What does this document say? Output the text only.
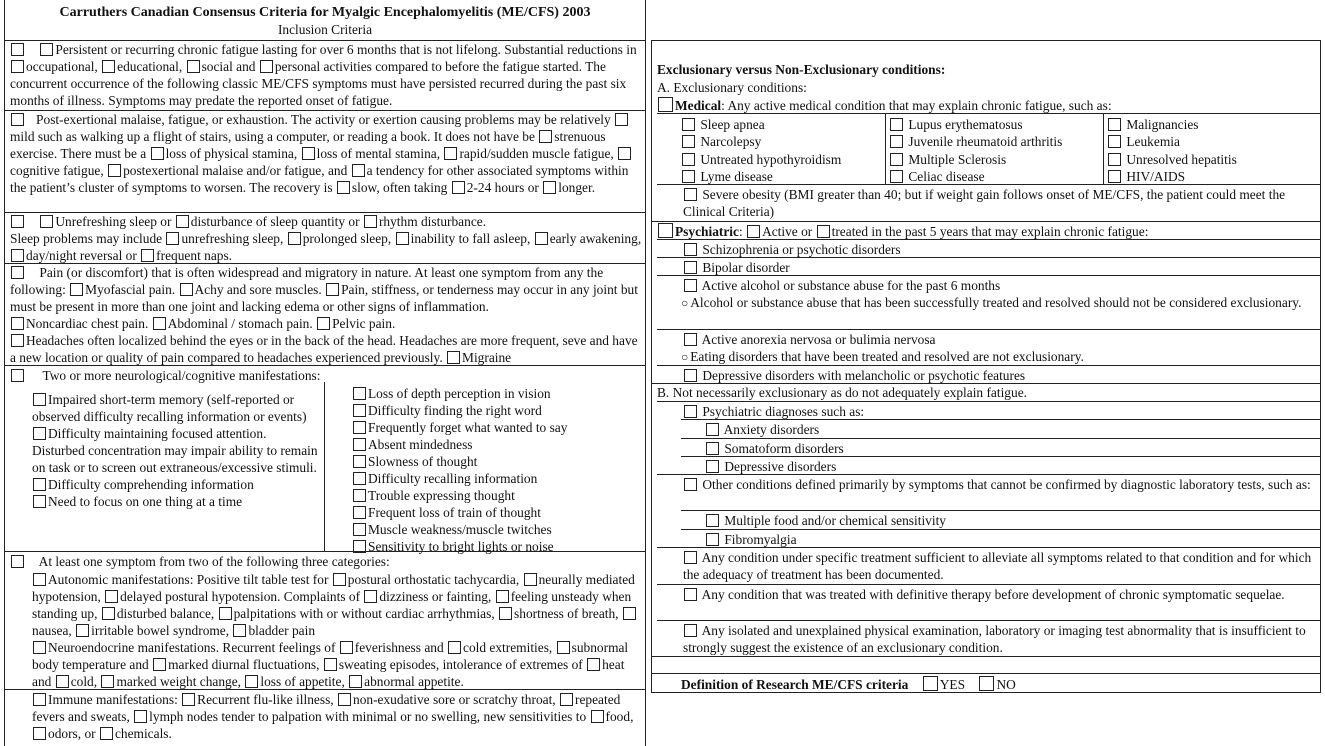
Carruthers Canadian Consensus Criteria for Myalgic Encephalomyelitis (ME/CFS) 2003
Inclusion Criteria
Persistent or recurring chronic fatigue lasting for over 6 months that is not lifelong. Substantial reductions in occupational, educational, social and personal activities compared to before the fatigue started. The concurrent occurrence of the following classic ME/CFS symptoms must have persisted recurred during the past six months of illness. Symptoms may predate the reported onset of fatigue.
Post-exertional malaise, fatigue, or exhaustion. The activity or exertion causing problems may be relatively mild such as walking up a flight of stairs, using a computer, or reading a book. It does not have be strenuous exercise. There must be a loss of physical stamina, loss of mental stamina, rapid/sudden muscle fatigue, cognitive fatigue, postexertional malaise and/or fatigue, and a tendency for other associated symptoms within the patient’s cluster of symptoms to worsen. The recovery is slow, often taking 2-24 hours or longer.
Unrefreshing sleep or disturbance of sleep quantity or rhythm disturbance.
Sleep problems may include unrefreshing sleep, prolonged sleep, inability to fall asleep, early awakening, day/night reversal or frequent naps.
Pain (or discomfort) that is often widespread and migratory in nature. At least one symptom from any the following: Myofascial pain. Achy and sore muscles. Pain, stiffness, or tenderness may occur in any joint but must be present in more than one joint and lacking edema or other signs of inflammation.
Noncardiac chest pain. Abdominal / stomach pain. Pelvic pain.
Headaches often localized behind the eyes or in the back of the head. Headaches are more frequent, seve and have a new location or quality of pain compared to headaches experienced previously. Migraine
Two or more neurological/cognitive manifestations:
Impaired short-term memory (self-reported or observed difficulty recalling information or events)
Difficulty maintaining focused attention. Disturbed concentration may impair ability to remain on task or to screen out extraneous/excessive stimuli.
Difficulty comprehending information
Need to focus on one thing at a time
Loss of depth perception in vision
Difficulty finding the right word
Frequently forget what wanted to say
Absent mindedness
Slowness of thought
Difficulty recalling information
Trouble expressing thought
Frequent loss of train of thought
Muscle weakness/muscle twitches
Sensitivity to bright lights or noise
At least one symptom from two of the following three categories:
Autonomic manifestations: Positive tilt table test for postural orthostatic tachycardia, neurally mediated hypotension, delayed postural hypotension. Complaints of dizziness or fainting, feeling unsteady when standing up, disturbed balance, palpitations with or without cardiac arrhythmias, shortness of breath, nausea, irritable bowel syndrome, bladder pain
Neuroendocrine manifestations. Recurrent feelings of feverishness and cold extremities, subnormal body temperature and marked diurnal fluctuations, sweating episodes, intolerance of extremes of heat and cold, marked weight change, loss of appetite, abnormal appetite.
Immune manifestations: Recurrent flu-like illness, non-exudative sore or scratchy throat, repeated fevers and sweats, lymph nodes tender to palpation with minimal or no swelling, new sensitivities to food, odors, or chemicals.
Exclusionary versus Non-Exclusionary conditions:
A. Exclusionary conditions:
Medical: Any active medical condition that may explain chronic fatigue, such as:
Sleep apnea	Lupus erythematosus	Malignancies
Narcolepsy	Juvenile rheumatoid arthritis	Leukemia
Untreated hypothyroidism	Multiple Sclerosis	Unresolved hepatitis
Lyme disease	Celiac disease	HIV/AIDS
Severe obesity (BMI greater than 40; but if weight gain follows onset of ME/CFS, the patient could meet the Clinical Criteria)
Psychiatric: Active or treated in the past 5 years that may explain chronic fatigue:
Schizophrenia or psychotic disorders
Bipolar disorder
Active alcohol or substance abuse for the past 6 months
○ Alcohol or substance abuse that has been successfully treated and resolved should not be considered exclusionary.
Active anorexia nervosa or bulimia nervosa
○ Eating disorders that have been treated and resolved are not exclusionary.
Depressive disorders with melancholic or psychotic features
B. Not necessarily exclusionary as do not adequately explain fatigue.
Psychiatric diagnoses such as:
Anxiety disorders
Somatoform disorders
Depressive disorders
Other conditions defined primarily by symptoms that cannot be confirmed by diagnostic laboratory tests, such as:
Multiple food and/or chemical sensitivity
Fibromyalgia
Any condition under specific treatment sufficient to alleviate all symptoms related to that condition and for which the adequacy of treatment has been documented.
Any condition that was treated with definitive therapy before development of chronic symptomatic sequelae.
Any isolated and unexplained physical examination, laboratory or imaging test abnormality that is insufficient to strongly suggest the existence of an exclusionary condition.
Definition of Research ME/CFS criteria YES NO
